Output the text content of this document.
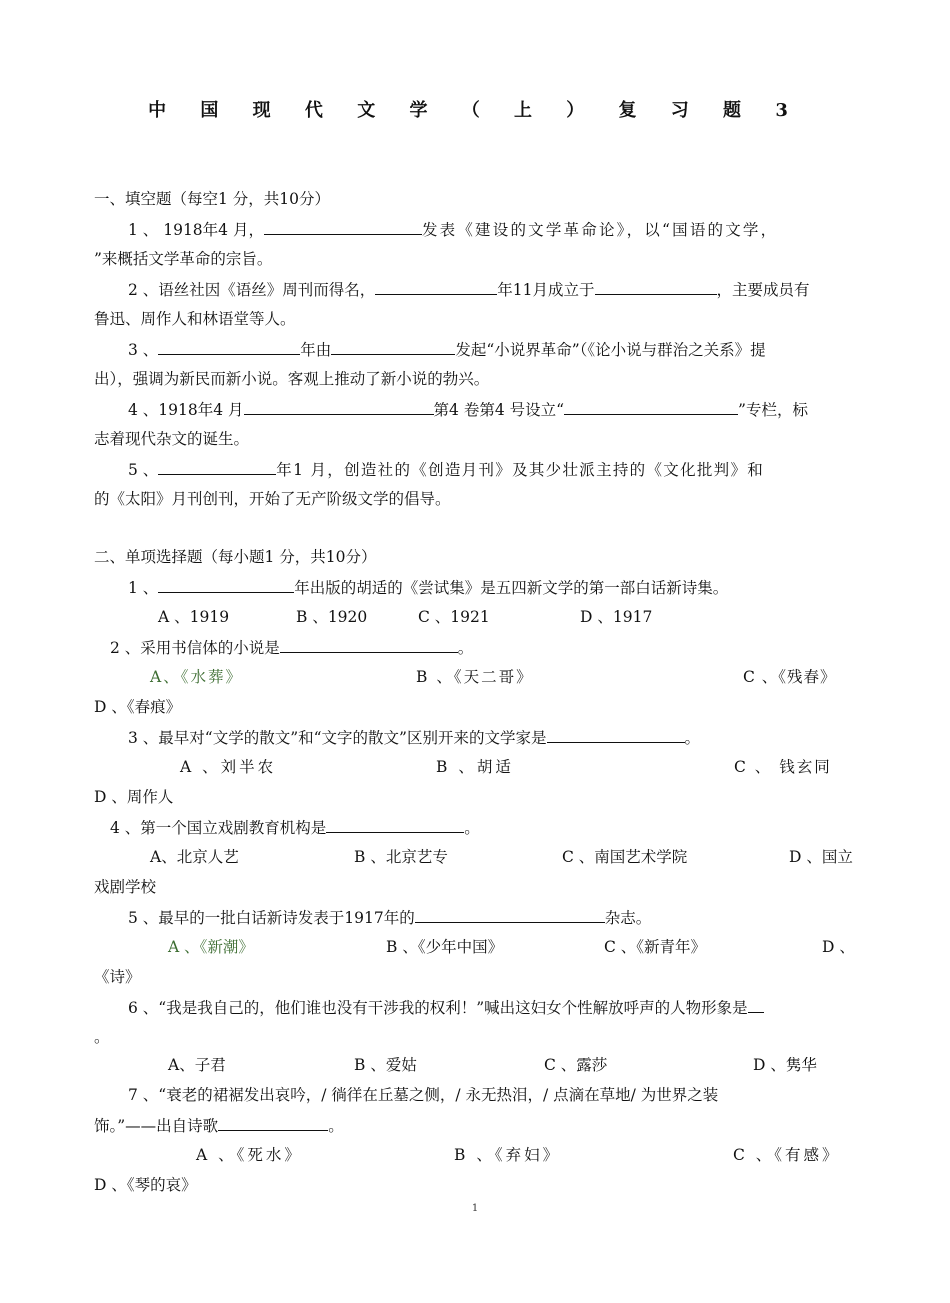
中 国 现 代 文 学 （ 上 ） 复 习 题 3
一、填空题（每空1 分，共10分）
1 、 1918年4 月，	发表《建设的文学革命论》，以“国语的文学，
”来概括文学革命的宗旨。
2 、语丝社因《语丝》周刊而得名，	年11月成立于	，主要成员有
鲁迅、周作人和林语堂等人。
3 、	年由	发起“小说界革命”（《论小说与群治之关系》提
出），强调为新民而新小说。客观上推动了新小说的勃兴。
4 、1918年4 月	第4 卷第4 号设立“	”专栏，标
志着现代杂文的诞生。
5 、	年1 月，创造社的《创造月刊》及其少壮派主持的《文化批判》和
的《太阳》月刊创刊，开始了无产阶级文学的倡导。
二、单项选择题（每小题1 分，共10分）
1 、	年出版的胡适的《尝试集》是五四新文学的第一部白话新诗集。
A 、1919	B 、1920	C 、1921	D 、1917
2 、采用书信体的小说是	。
A、《水葬》	B 、《天二哥》	C 、《残春》
D 、《春痕》
3 、最早对“文学的散文”和“文字的散文”区别开来的文学家是	。
A 、刘半农	B 、胡适	C 、 钱玄同
D 、周作人
4 、第一个国立戏剧教育机构是	。
A、北京人艺	B 、北京艺专	C 、南国艺术学院	D 、国立
戏剧学校
5 、最早的一批白话新诗发表于1917年的	杂志。
A 、《新潮》	B 、《少年中国》	C 、《新青年》	D 、
《诗》
6 、“我是我自己的，他们谁也没有干涉我的权利！”喊出这妇女个性解放呼声的人物形象是
。
A、子君	B 、爱姑	C 、露莎	D 、隽华
7 、“衰老的裙裾发出哀吟，/ 徜徉在丘墓之侧，/ 永无热泪，/ 点滴在草地/ 为世界之装
饰。”——出自诗歌	。
A 、《死水》	B 、《弃妇》	C 、《有感》
D 、《琴的哀》
1
